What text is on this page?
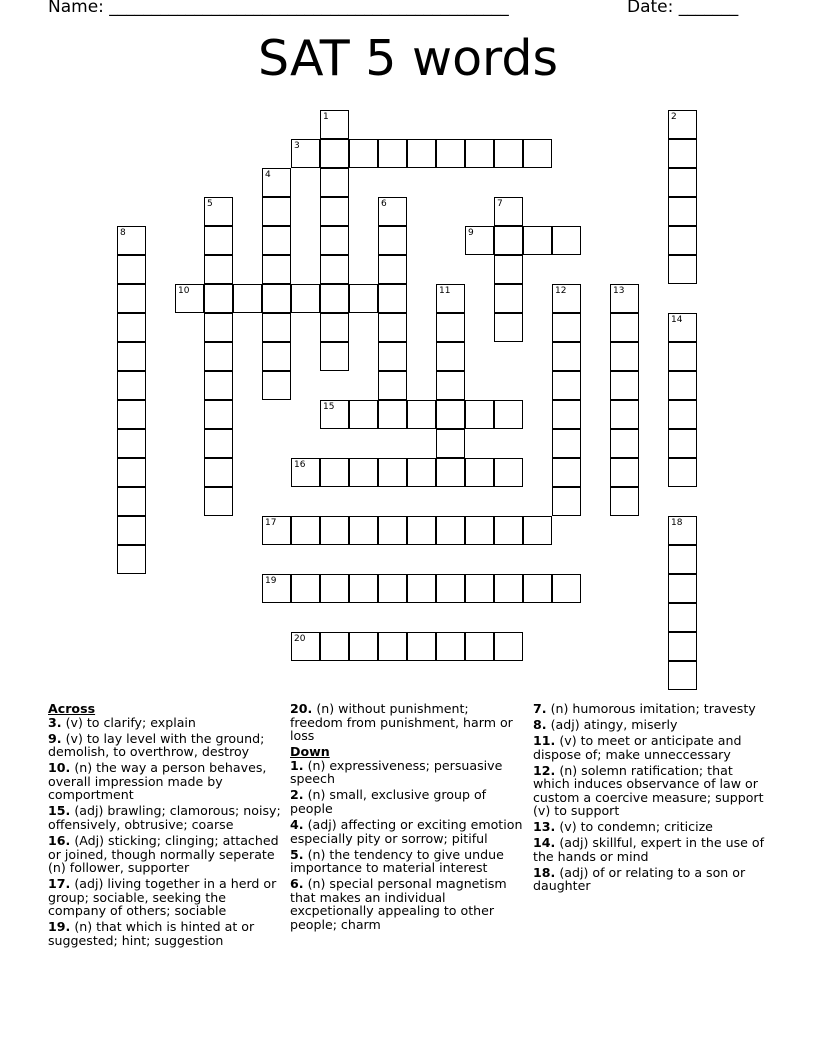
Name: _______________________________________________	Date: _______
SAT 5 words
1	2
3
4
5	6	7
8	9
10	11	12	13
14
15
16
17	18
19
20
Across
3. (v) to clarify; explain
9. (v) to lay level with the ground; demolish, to overthrow, destroy
10. (n) the way a person behaves, overall impression made by comportment
15. (adj) brawling; clamorous; noisy; offensively, obtrusive; coarse
16. (Adj) sticking; clinging; attached or joined, though normally seperate (n) follower, supporter
17. (adj) living together in a herd or group; sociable, seeking the company of others; sociable
19. (n) that which is hinted at or suggested; hint; suggestion
20. (n) without punishment; freedom from punishment, harm or loss
Down
1. (n) expressiveness; persuasive speech
2. (n) small, exclusive group of people
4. (adj) affecting or exciting emotion especially pity or sorrow; pitiful
5. (n) the tendency to give undue importance to material interest
6. (n) special personal magnetism that makes an individual excpetionally appealing to other people; charm
7. (n) humorous imitation; travesty
8. (adj) atingy, miserly
11. (v) to meet or anticipate and dispose of; make unneccessary
12. (n) solemn ratification; that which induces observance of law or custom a coercive measure; support (v) to support
13. (v) to condemn; criticize
14. (adj) skillful, expert in the use of the hands or mind
18. (adj) of or relating to a son or daughter
